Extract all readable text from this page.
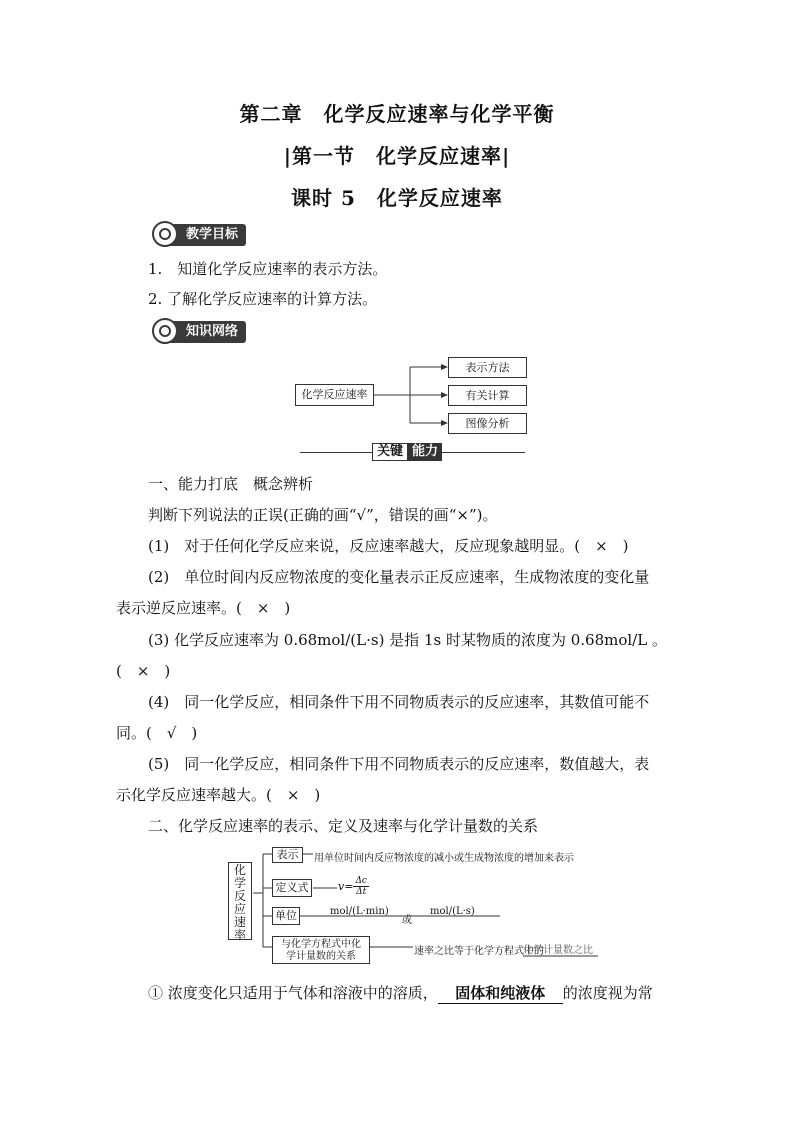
第二章　化学反应速率与化学平衡
|第一节　化学反应速率|
课时 5　化学反应速率
教学目标
1.　知道化学反应速率的表示方法。
2. 了解化学反应速率的计算方法。
知识网络
化学反应速率
表示方法
有关计算
图像分析
关键 能力
一、能力打底　概念辨析
判断下列说法的正误(正确的画“√”，错误的画“×”)。
(1)　对于任何化学反应来说，反应速率越大，反应现象越明显。(　×　)
(2)　单位时间内反应物浓度的变化量表示正反应速率，生成物浓度的变化量
表示逆反应速率。(　×　)
(3) 化学反应速率为 0.68mol/(L·s) 是指 1s 时某物质的浓度为 0.68mol/L 。
(　×　)
(4)　同一化学反应，相同条件下用不同物质表示的反应速率，其数值可能不
同。(　√　)
(5)　同一化学反应，相同条件下用不同物质表示的反应速率，数值越大，表
示化学反应速率越大。(　×　)
二、化学反应速率的表示、定义及速率与化学计量数的关系
化
学
反
应
速
率
表示	用单位时间内反应物浓度的减小或生成物浓度的增加来表示
定义式	$v= \frac{\Delta c}{\Delta t}$
单位	mol/(L·min)
或
mol/(L·s)
与化学方程式中化
学计量数的关系	速率之比等于化学方程式中的
化学计量数之比
① 浓度变化只适用于气体和溶液中的溶质，	固体和纯液体	的浓度视为常
